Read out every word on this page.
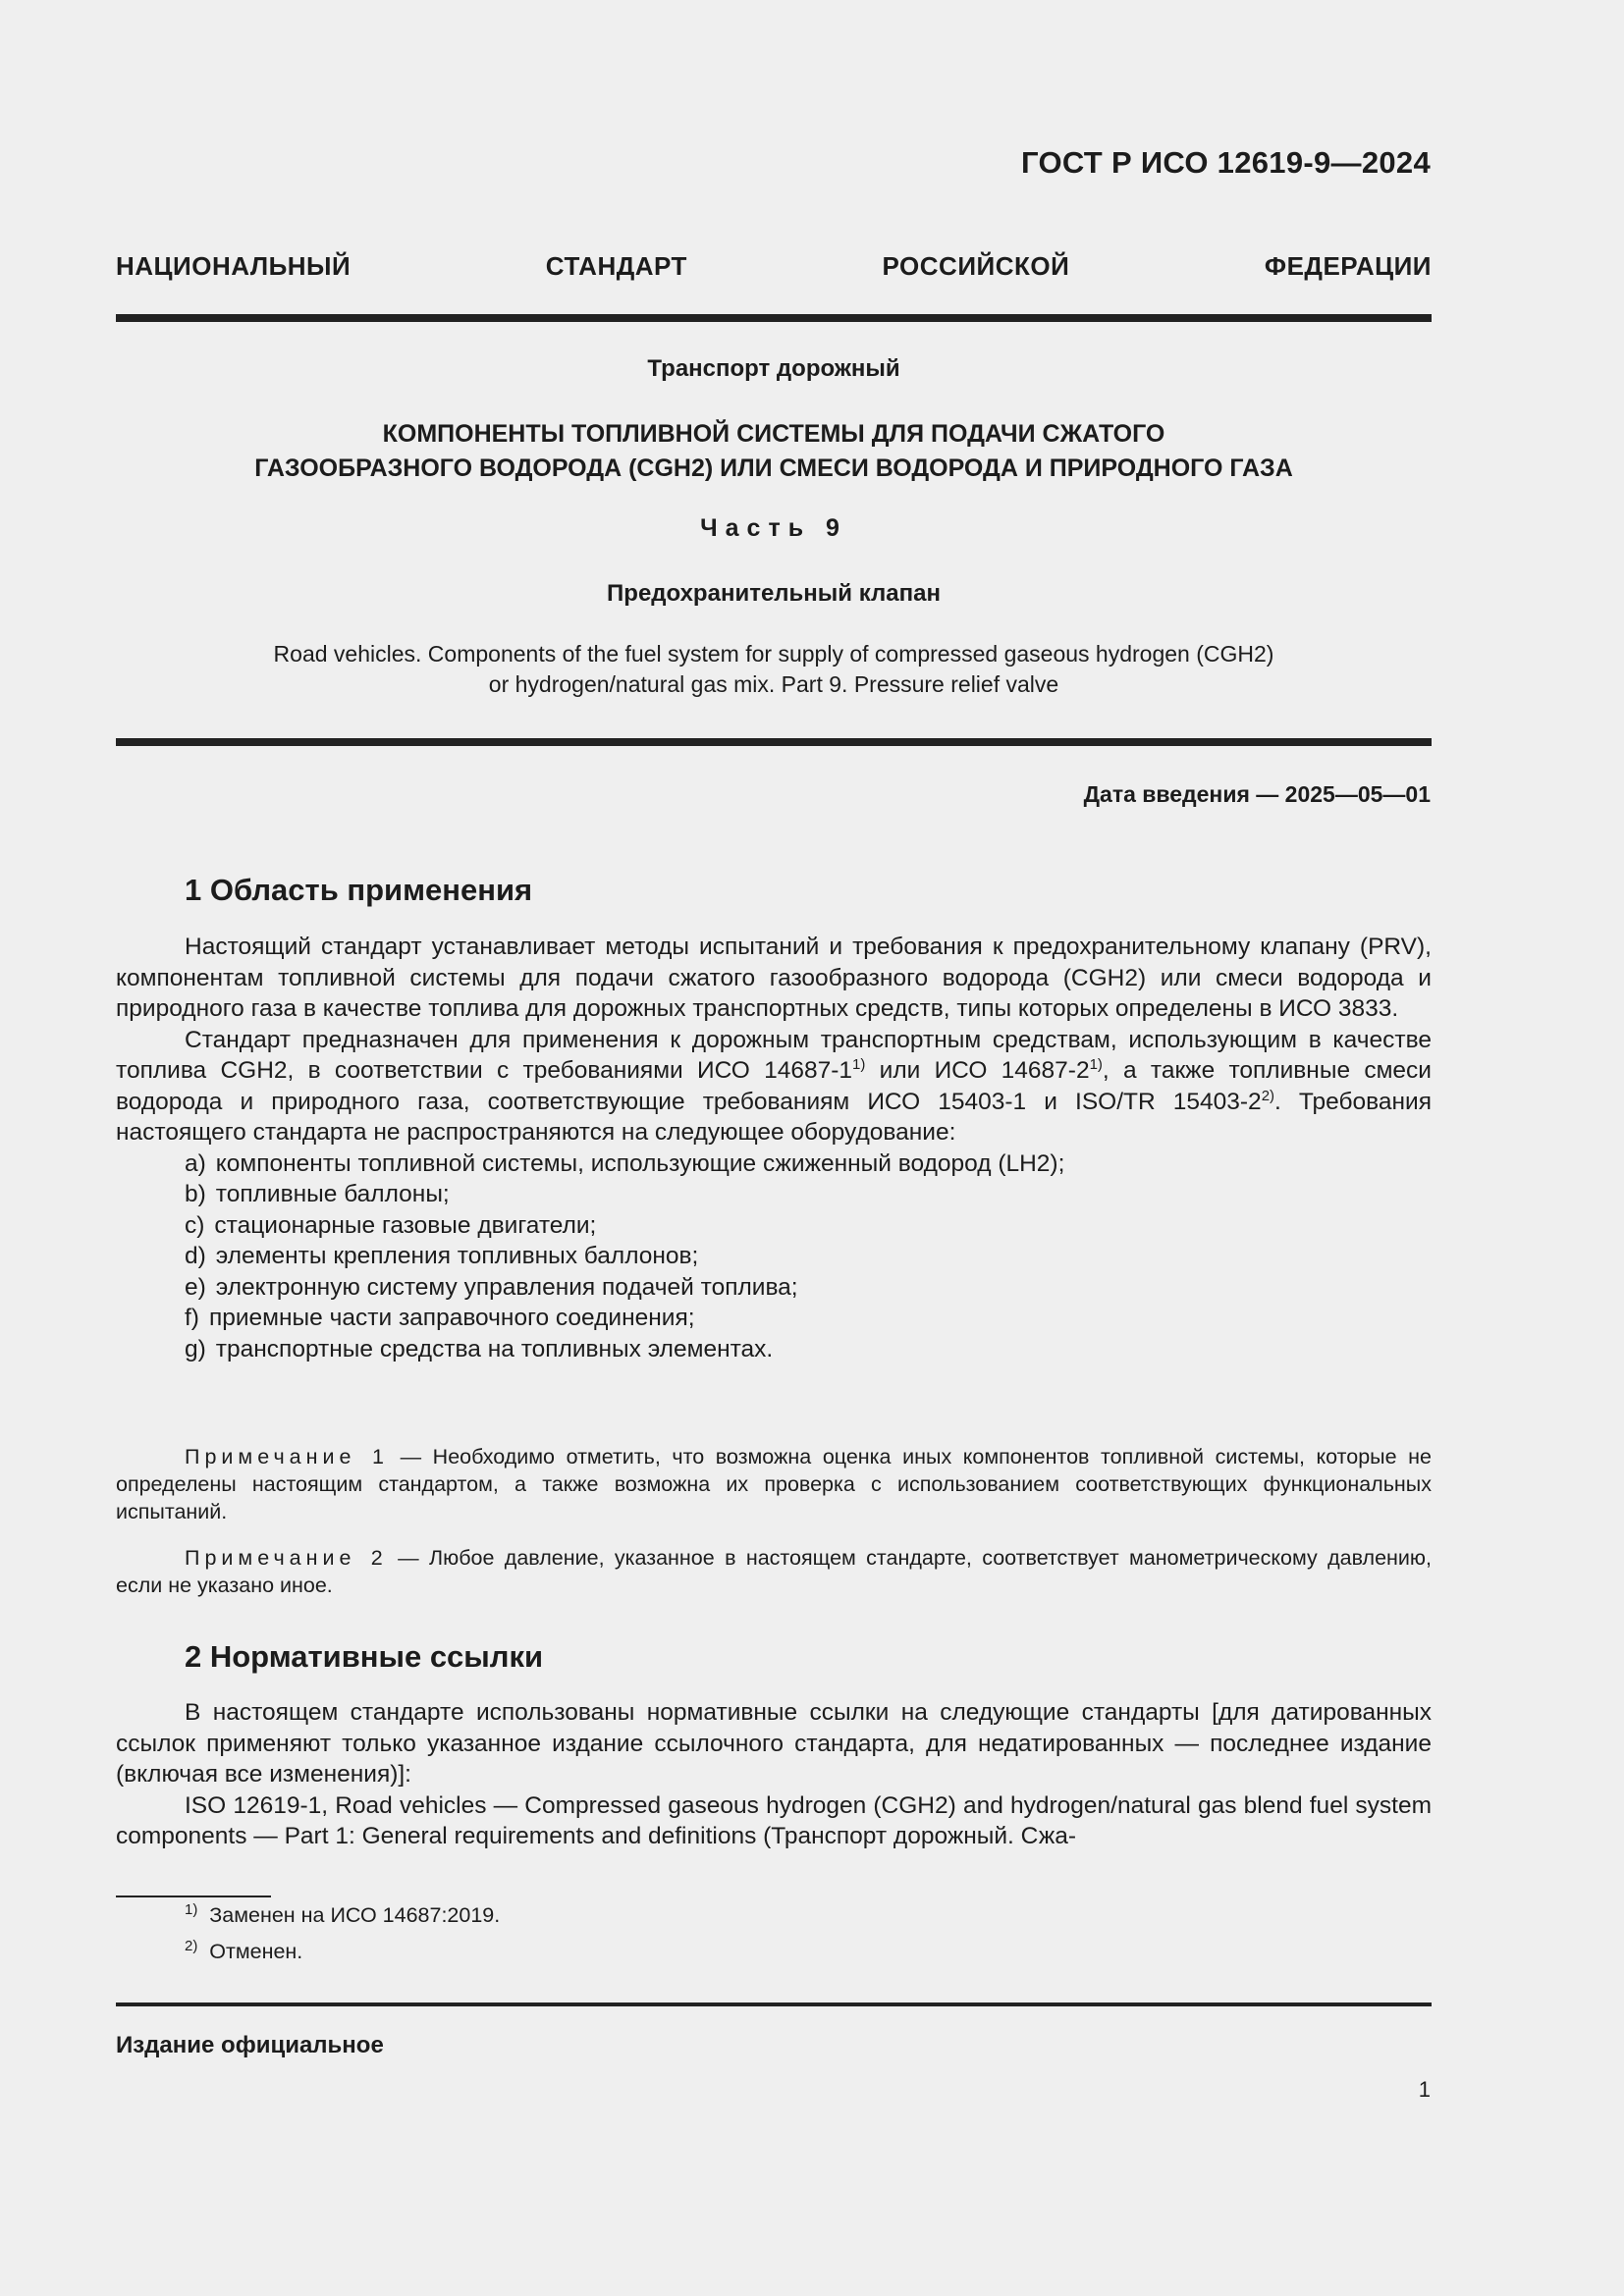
ГОСТ Р ИСО 12619-9—2024
НАЦИОНАЛЬНЫЙ СТАНДАРТ РОССИЙСКОЙ ФЕДЕРАЦИИ
Транспорт дорожный
КОМПОНЕНТЫ ТОПЛИВНОЙ СИСТЕМЫ ДЛЯ ПОДАЧИ СЖАТОГО
ГАЗООБРАЗНОГО ВОДОРОДА (CGH2) ИЛИ СМЕСИ ВОДОРОДА И ПРИРОДНОГО ГАЗА
Часть 9
Предохранительный клапан
Road vehicles. Components of the fuel system for supply of compressed gaseous hydrogen (CGH2)
or hydrogen/natural gas mix. Part 9. Pressure relief valve
Дата введения — 2025—05—01
1 Область применения

Настоящий стандарт устанавливает методы испытаний и требования к предохранительному клапану (PRV), компонентам топливной системы для подачи сжатого газообразного водорода (CGH2) или смеси водорода и природного газа в качестве топлива для дорожных транспортных средств, типы которых определены в ИСО 3833.

Стандарт предназначен для применения к дорожным транспортным средствам, использующим в качестве топлива CGH2, в соответствии с требованиями ИСО 14687-1$^{1)}$ или ИСО 14687-2$^{1)}$, а также топливные смеси водорода и природного газа, соответствующие требованиям ИСО 15403-1 и ISO/TR 15403-2$^{2)}$. Требования настоящего стандарта не распространяются на следующее оборудование:

a) компоненты топливной системы, использующие сжиженный водород (LH2);
b) топливные баллоны;
c) стационарные газовые двигатели;
d) элементы крепления топливных баллонов;
e) электронную систему управления подачей топлива;
f) приемные части заправочного соединения;
g) транспортные средства на топливных элементах.

Примечание 1 — Необходимо отметить, что возможна оценка иных компонентов топливной системы, которые не определены настоящим стандартом, а также возможна их проверка с использованием соответствующих функциональных испытаний.

Примечание 2 — Любое давление, указанное в настоящем стандарте, соответствует манометрическому давлению, если не указано иное.

2 Нормативные ссылки

В настоящем стандарте использованы нормативные ссылки на следующие стандарты [для датированных ссылок применяют только указанное издание ссылочного стандарта, для недатированных — последнее издание (включая все изменения)]:

ISO 12619-1, Road vehicles — Compressed gaseous hydrogen (CGH2) and hydrogen/natural gas blend fuel system components — Part 1: General requirements and definitions (Транспорт дорожный. Сжа-

$^{1)}$ Заменен на ИСО 14687:2019.
$^{2)}$ Отменен.
Издание официальное
1
